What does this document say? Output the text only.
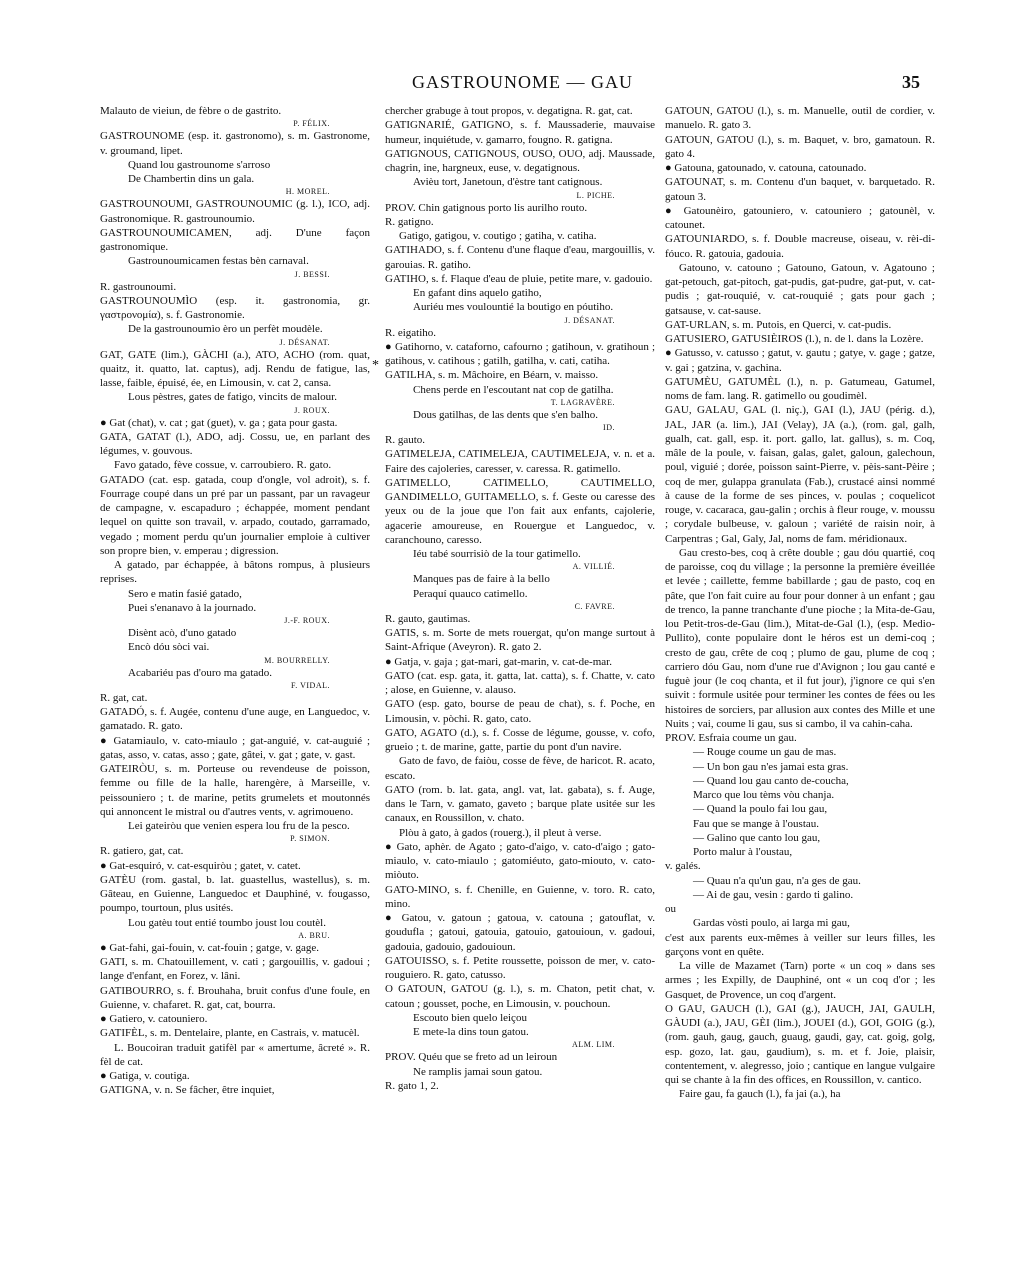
GASTROUNOME — GAU	35
Malauto de vieiun, de fèbre o de gastrito.
P. FÉLIX.
GASTROUNOME (esp. it. gastronomo), s. m. Gastronome, v. groumand, lipet.
Quand lou gastrounome s'arroso
De Chambertin dins un gala.
H. MOREL.
GASTROUNOUMI, GASTROUNOUMIC (g. l.), ICO, adj. Gastronomique. R. gastrounoumio.
GASTROUNOUMICAMEN, adj. D'une façon gastronomique.
Gastrounoumicamen festas bèn carnaval.
J. BESSI.
R. gastrounoumi.
GASTROUNOUMÌO (esp. it. gastronomia, gr. γαστρονομία), s. f. Gastronomie.
De la gastrounoumìo èro un perfèt moudèle.
J. DÉSANAT.
GAT, GATE (lim.), GÀCHI (a.), ATO, ACHO (rom. quat, quaitz, it. quatto, lat. captus), adj. Rendu de fatigue, las, lasse, faible, épuisé, ée, en Limousin, v. cat 2, cansa.
Lous pèstres, gates de fatigo, vincits de malour.
J. ROUX.
● Gat (chat), v. cat ; gat (guet), v. ga ; gata pour gasta.
GATA, GATAT (l.), ADO, adj. Cossu, ue, en parlant des légumes, v. gouvous.
Favo gatado, fève cossue, v. carroubiero. R. gato.
GATADO (cat. esp. gatada, coup d'ongle, vol adroit), s. f. Fourrage coupé dans un pré par un passant, par un ravageur de campagne, v. escapaduro ; échappée, moment pendant lequel on quitte son travail, v. arpado, coutado, garramado, vegado ; moment perdu qu'un journalier emploie à cultiver son propre bien, v. emperau ; digression.
A gatado, par échappée, à bâtons rompus, à plusieurs reprises.
Sero e matin fasié gatado,
Puei s'enanavo à la journado.
J.-F. ROUX.
Disènt acò, d'uno gatado
Encò dóu sòci vai.
M. BOURRELLY.
Acabariéu pas d'ouro ma gatado.
F. VIDAL.
R. gat, cat.
GATADÓ, s. f. Augée, contenu d'une auge, en Languedoc, v. gamatado. R. gato.
● Gatamiaulo, v. cato-miaulo ; gat-anguié, v. cat-auguié ; gatas, asso, v. catas, asso ; gate, gâtei, v. gat ; gate, v. gast.
GATEIRÒU, s. m. Porteuse ou revendeuse de poisson, femme ou fille de la halle, harengère, à Marseille, v. peissouniero ; t. de marine, petits grumelets et moutonnés qui annoncent le mistral ou d'autres vents, v. agrimoueno.
Lei gateiròu que venien espera lou fru de la pesco.
P. SIMON.
R. gatiero, gat, cat.
● Gat-esquiró, v. cat-esquiròu ; gatet, v. catet.
GATÈU (rom. gastal, b. lat. guastellus, wastellus), s. m. Gâteau, en Guienne, Languedoc et Dauphiné, v. fougasso, poumpo, tourtoun, plus usités.
Lou gatèu tout entié toumbo joust lou coutèl.
A. BRU.
● Gat-fahi, gai-fouin, v. cat-fouin ; gatge, v. gage.
GATI, s. m. Chatouillement, v. cati ; gargouillis, v. gadoui ; lange d'enfant, en Forez, v. lâni.
GATIBOURRO, s. f. Brouhaha, bruit confus d'une foule, en Guienne, v. chafaret. R. gat, cat, bourra.
● Gatiero, v. catouniero.
GATIFÈL, s. m. Dentelaire, plante, en Castrais, v. matucèl.
L. Boucoiran traduit gatifèl par « amertume, âcreté ». R. fèl de cat.
● Gatiga, v. coutiga.
GATIGNA, v. n. Se fâcher, être inquiet,
chercher grabuge à tout propos, v. degatigna. R. gat, cat.
GATIGNARIÉ, GATIGNO, s. f. Maussaderie, mauvaise humeur, inquiétude, v. gamarro, fougno. R. gatigna.
GATIGNOUS, CATIGNOUS, OUSO, OUO, adj. Maussade, chagrin, ine, hargneux, euse, v. degatignous.
Avièu tort, Janetoun, d'èstre tant catignous.
L. PICHE.
PROV. Chin gatignous porto lis aurilho routo.
R. gatigno.
Gatigo, gatigou, v. coutigo ; gatiha, v. catiha.
GATIHADO, s. f. Contenu d'une flaque d'eau, margouillis, v. garouias. R. gatiho.
GATIHO, s. f. Flaque d'eau de pluie, petite mare, v. gadouio.
En gafant dins aquelo gatiho,
Auriéu mes voulountié la boutigo en póutiho.
J. DÉSANAT.
R. eigatiho.
● Gatihorno, v. cataforno, cafourno ; gatihoun, v. gratihoun ; gatihous, v. catihous ; gatilh, gatilha, v. cati, catiha.
GATILHA, s. m. Mâchoire, en Béarn, v. maisso.
Chens perde en l'escoutant nat cop de gatilha.
T. LAGRAVÈRE.
Dous gatilhas, de las dents que s'en balho.
ID.
R. gauto.
GATIMELEJA, CATIMELEJA, CAUTIMELEJA, v. n. et a. Faire des cajoleries, caresser, v. caressa. R. gatimello.
GATIMELLO, CATIMELLO, CAUTIMELLO, GANDIMELLO, GUITAMELLO, s. f. Geste ou caresse des yeux ou de la joue que l'on fait aux enfants, cajolerie, agacerie amoureuse, en Rouergue et Languedoc, v. caranchouno, caresso.
Iéu tabé sourrisiò de la tour gatimello.
A. VILLIÉ.
Manques pas de faire à la bello
Peraquí quauco catimello.
C. FAVRE.
R. gauto, gautimas.
GATIS, s. m. Sorte de mets rouergat, qu'on mange surtout à Saint-Afrique (Aveyron). R. gato 2.
● Gatja, v. gaja ; gat-mari, gat-marin, v. cat-de-mar.
GATO (cat. esp. gata, it. gatta, lat. catta), s. f. Chatte, v. cato ; alose, en Guienne, v. alauso.
GATO (esp. gato, bourse de peau de chat), s. f. Poche, en Limousin, v. pòchi. R. gato, cato.
GATO, AGATO (d.), s. f. Cosse de légume, gousse, v. cofo, grueio ; t. de marine, gatte, partie du pont d'un navire.
Gato de favo, de faiòu, cosse de fève, de haricot. R. acato, escato.
GATO (rom. b. lat. gata, angl. vat, lat. gabata), s. f. Auge, dans le Tarn, v. gamato, gaveto ; barque plate usitée sur les canaux, en Roussillon, v. chato.
Plòu à gato, à gados (rouerg.), il pleut à verse.
● Gato, aphèr. de Agato ; gato-d'aigo, v. cato-d'aigo ; gato-miaulo, v. cato-miaulo ; gatomiéuto, gato-miouto, v. cato-miòuto.
GATO-MINO, s. f. Chenille, en Guienne, v. toro. R. cato, mino.
● Gatou, v. gatoun ; gatoua, v. catouna ; gatouflat, v. goudufla ; gatoui, gatouia, gatouio, gatouioun, v. gadoui, gadouia, gadouio, gadouioun.
GATOUISSO, s. f. Petite roussette, poisson de mer, v. cato-rouguiero. R. gato, catusso.
O GATOUN, GATOU (g. l.), s. m. Chaton, petit chat, v. catoun ; gousset, poche, en Limousin, v. pouchoun.
Escouto bien quelo leiçou
E mete-la dins toun gatou.
ALM. LIM.
PROV. Quéu que se freto ad un leiroun
Ne ramplis jamai soun gatou.
R. gato 1, 2.
GATOUN, GATOU (l.), s. m. Manuelle, outil de cordier, v. manuelo. R. gato 3.
GATOUN, GATOU (l.), s. m. Baquet, v. bro, gamatoun. R. gato 4.
● Gatouna, gatounado, v. catouna, catounado.
GATOUNAT, s. m. Contenu d'un baquet, v. barquetado. R. gatoun 3.
● Gatounèiro, gatouniero, v. catouniero ; gatounèl, v. catounet.
GATOUNIARDO, s. f. Double macreuse, oiseau, v. rèi-di-fóuco. R. gatouia, gadouia.
Gatouno, v. catouno ; Gatouno, Gatoun, v. Agatouno ; gat-petouch, gat-pitoch, gat-pudis, gat-pudre, gat-put, v. cat-pudis ; gat-rouquié, v. cat-rouquié ; gats pour gach ; gatsause, v. cat-sause.
GAT-URLAN, s. m. Putois, en Querci, v. cat-pudis.
GATUSIERO, GATUSIÈIROS (l.), n. de l. dans la Lozère.
● Gatusso, v. catusso ; gatut, v. gautu ; gatye, v. gage ; gatze, v. gai ; gatzina, v. gachina.
GATUMÈU, GATUMÈL (l.), n. p. Gatumeau, Gatumel, noms de fam. lang. R. gatimello ou goudimèl.
GAU, GALAU, GAL (l. niç.), GAI (l.), JAU (périg. d.), JAL, JAR (a. lim.), JAI (Velay), JA (a.), (rom. gal, galh, gualh, cat. gall, esp. it. port. gallo, lat. gallus), s. m. Coq, mâle de la poule, v. faisan, galas, galet, galoun, galechoun, poul, viguié ; dorée, poisson saint-Pierre, v. pèis-sant-Pèire ; coq de mer, gulappa granulata (Fab.), crustacé ainsi nommé à cause de la forme de ses pinces, v. poulas ; coquelicot rouge, v. cacaraca, gau-galin ; orchis à fleur rouge, v. moussu ; corydale bulbeuse, v. galoun ; variété de raisin noir, à Carpentras ; Gal, Galy, Jal, noms de fam. méridionaux.
Gau cresto-bes, coq à crête double ; gau dóu quartié, coq de paroisse, coq du village ; la personne la première éveillée et levée ; caillette, femme babillarde ; gau de pasto, coq en pâte, que l'on fait cuire au four pour donner à un enfant ; gau de trenco, la panne tranchante d'une pioche ; la Mita-de-Gau, lou Petit-tros-de-Gau (lim.), Mitat-de-Gal (l.), (esp. Medio-Pullito), conte populaire dont le héros est un demi-coq ; cresto de gau, crête de coq ; plumo de gau, plume de coq ; carriero dóu Gau, nom d'une rue d'Avignon ; lou gau canté e fuguè jour (le coq chanta, et il fut jour), j'ignore ce qui s'en suivit : formule usitée pour terminer les contes de fées ou les histoires de sorciers, par allusion aux contes des Mille et une Nuits ; vai, coume li gau, sus si cambo, il va cahin-caha.
PROV. Esfraia coume un gau.
— Rouge coume un gau de mas.
— Un bon gau n'es jamai esta gras.
— Quand lou gau canto de-coucha,
Marco que lou tèms vòu chanja.
— Quand la poulo fai lou gau,
Fau que se mange à l'oustau.
— Galino que canto lou gau,
Porto malur à l'oustau,
v. galés.
— Quau n'a qu'un gau, n'a ges de gau.
— Ai de gau, vesin : gardo ti galino.
ou
Gardas vòsti poulo, ai larga mi gau,
c'est aux parents eux-mêmes à veiller sur leurs filles, les garçons vont en quête.
La ville de Mazamet (Tarn) porte « un coq » dans ses armes ; les Expilly, de Dauphiné, ont « un coq d'or ; les Gasquet, de Provence, un coq d'argent.
O GAU, GAUCH (l.), GAI (g.), JAUCH, JAI, GAULH, GÀUDI (a.), JAU, GÈI (lim.), JOUEI (d.), GOI, GOIG (g.), (rom. gauh, gaug, gauch, guaug, gaudi, gay, cat. goig, golg, esp. gozo, lat. gau, gaudium), s. m. et f. Joie, plaisir, contentement, v. alegresso, joio ; cantique en langue vulgaire qui se chante à la fin des offices, en Roussillon, v. cantico.
Faire gau, fa gauch (l.), fa jai (a.), ha
*
